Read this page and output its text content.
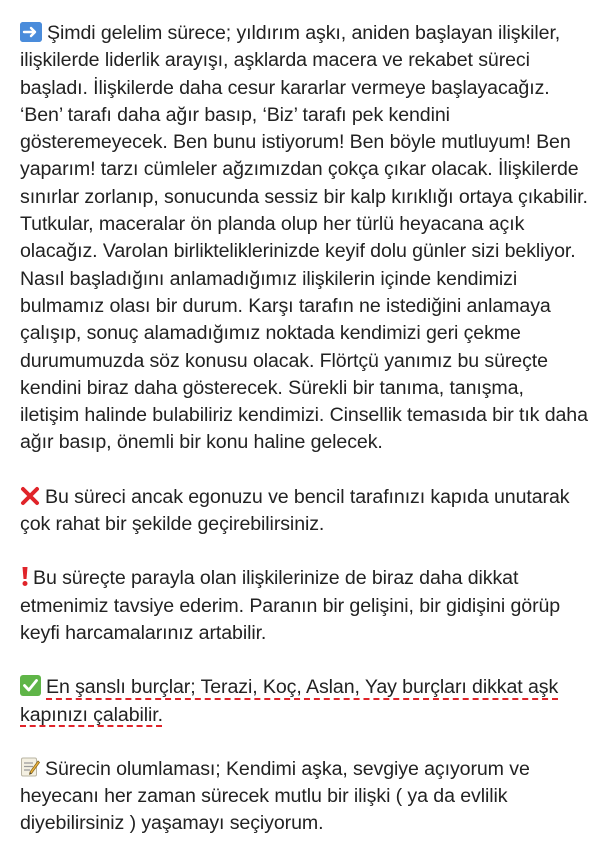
Şimdi gelelim sürece; yıldırım aşkı, aniden başlayan ilişkiler, ilişkilerde liderlik arayışı, aşklarda macera ve rekabet süreci başladı. İlişkilerde daha cesur kararlar vermeye başlayacağız. ‘Ben’ tarafı daha ağır basıp, ‘Biz’ tarafı pek kendini gösteremeyecek. Ben bunu istiyorum! Ben böyle mutluyum! Ben yaparım! tarzı cümleler ağzımızdan çokça çıkar olacak. İlişkilerde sınırlar zorlanıp, sonucunda sessiz bir kalp kırıklığı ortaya çıkabilir. Tutkular, maceralar ön planda olup her türlü heyacana açık olacağız. Varolan birlikteliklerinizde keyif dolu günler sizi bekliyor. Nasıl başladığını anlamadığımız ilişkilerin içinde kendimizi bulmamız olası bir durum. Karşı tarafın ne istediğini anlamaya çalışıp, sonuç alamadığımız noktada kendimizi geri çekme durumumuzda söz konusu olacak. Flörtçü yanımız bu süreçte kendini biraz daha gösterecek. Sürekli bir tanıma, tanışma, iletişim halinde bulabiliriz kendimizi. Cinsellik temasıda bir tık daha ağır basıp, önemli bir konu haline gelecek.

Bu süreci ancak egonuzu ve bencil tarafınızı kapıda unutarak çok rahat bir şekilde geçirebilirsiniz.

Bu süreçte parayla olan ilişkilerinize de biraz daha dikkat etmenimiz tavsiye ederim. Paranın bir gelişini, bir gidişini görüp keyfi harcamalarınız artabilir.

En şanslı burçlar; Terazi, Koç, Aslan, Yay burçları dikkat aşk kapınızı çalabilir.

Sürecin olumlaması; Kendimi aşka, sevgiye açıyorum ve heyecanı her zaman sürecek mutlu bir ilişki ( ya da evlilik diyebilirsiniz ) yaşamayı seçiyorum.
